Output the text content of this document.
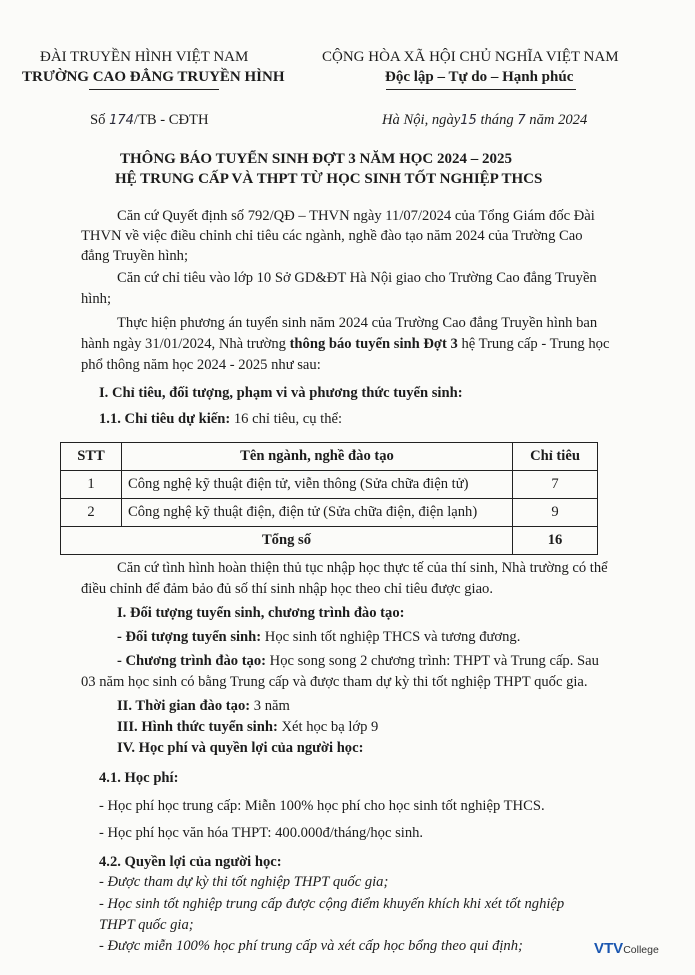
ĐÀI TRUYỀN HÌNH VIỆT NAM
TRƯỜNG CAO ĐẲNG TRUYỀN HÌNH
CỘNG HÒA XÃ HỘI CHỦ NGHĨA VIỆT NAM
Độc lập – Tự do – Hạnh phúc
Số 174/TB - CĐTH	Hà Nội, ngày15 tháng 7 năm 2024
THÔNG BÁO TUYỂN SINH ĐỢT 3 NĂM HỌC 2024 – 2025
HỆ TRUNG CẤP VÀ THPT TỪ HỌC SINH TỐT NGHIỆP THCS
Căn cứ Quyết định số 792/QĐ – THVN ngày 11/07/2024 của Tổng Giám đốc Đài
THVN về việc điều chỉnh chỉ tiêu các ngành, nghề đào tạo năm 2024 của Trường Cao
đẳng Truyền hình;
Căn cứ chỉ tiêu vào lớp 10 Sở GD&ĐT Hà Nội giao cho Trường Cao đẳng Truyền
hình;
Thực hiện phương án tuyển sinh năm 2024 của Trường Cao đẳng Truyền hình ban
hành ngày 31/01/2024, Nhà trường thông báo tuyển sinh Đợt 3 hệ Trung cấp - Trung học
phổ thông năm học 2024 - 2025 như sau:
I. Chỉ tiêu, đối tượng, phạm vi và phương thức tuyển sinh:
1.1. Chỉ tiêu dự kiến: 16 chỉ tiêu, cụ thể:
STT	Tên ngành, nghề đào tạo	Chỉ tiêu
1	Công nghệ kỹ thuật điện tử, viễn thông (Sửa chữa điện tử)	7
2	Công nghệ kỹ thuật điện, điện tử (Sửa chữa điện, điện lạnh)	9
Tổng số		16
Căn cứ tình hình hoàn thiện thủ tục nhập học thực tế của thí sinh, Nhà trường có thể
điều chỉnh để đảm bảo đủ số thí sinh nhập học theo chỉ tiêu được giao.
I. Đối tượng tuyển sinh, chương trình đào tạo:
- Đối tượng tuyển sinh: Học sinh tốt nghiệp THCS và tương đương.
- Chương trình đào tạo: Học song song 2 chương trình: THPT và Trung cấp. Sau
03 năm học sinh có bằng Trung cấp và được tham dự kỳ thi tốt nghiệp THPT quốc gia.
II. Thời gian đào tạo: 3 năm
III. Hình thức tuyển sinh: Xét học bạ lớp 9
IV. Học phí và quyền lợi của người học:
4.1. Học phí:
- Học phí học trung cấp: Miễn 100% học phí cho học sinh tốt nghiệp THCS.
- Học phí học văn hóa THPT: 400.000đ/tháng/học sinh.
4.2. Quyền lợi của người học:
- Được tham dự kỳ thi tốt nghiệp THPT quốc gia;
- Học sinh tốt nghiệp trung cấp được cộng điểm khuyến khích khi xét tốt nghiệp
THPT quốc gia;
- Được miễn 100% học phí trung cấp và xét cấp học bổng theo qui định;	VTVCollege
